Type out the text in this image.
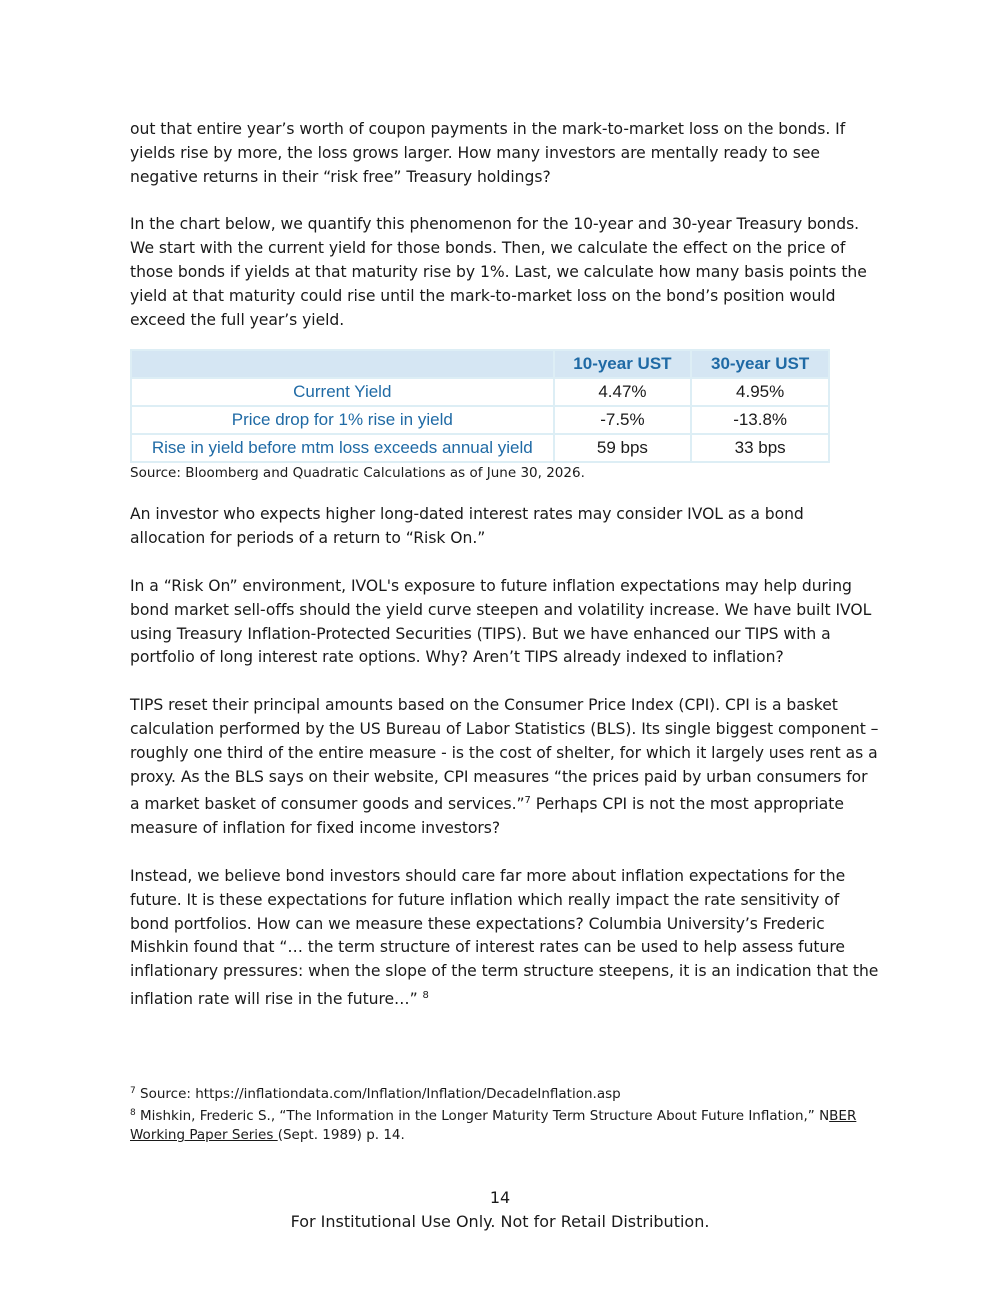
out that entire year’s worth of coupon payments in the mark-to-market loss on the bonds. If yields rise by more, the loss grows larger. How many investors are mentally ready to see negative returns in their “risk free” Treasury holdings?

In the chart below, we quantify this phenomenon for the 10-year and 30-year Treasury bonds. We start with the current yield for those bonds. Then, we calculate the effect on the price of those bonds if yields at that maturity rise by 1%. Last, we calculate how many basis points the yield at that maturity could rise until the mark-to-market loss on the bond’s position would exceed the full year’s yield.

	10-year UST	30-year UST
Current Yield	4.47%	4.95%
Price drop for 1% rise in yield	-7.5%	-13.8%
Rise in yield before mtm loss exceeds annual yield	59 bps	33 bps
Source: Bloomberg and Quadratic Calculations as of June 30, 2026.

An investor who expects higher long-dated interest rates may consider IVOL as a bond allocation for periods of a return to “Risk On.”

In a “Risk On” environment, IVOL's exposure to future inflation expectations may help during bond market sell-offs should the yield curve steepen and volatility increase. We have built IVOL using Treasury Inflation-Protected Securities (TIPS). But we have enhanced our TIPS with a portfolio of long interest rate options. Why? Aren’t TIPS already indexed to inflation?

TIPS reset their principal amounts based on the Consumer Price Index (CPI). CPI is a basket calculation performed by the US Bureau of Labor Statistics (BLS). Its single biggest component – roughly one third of the entire measure - is the cost of shelter, for which it largely uses rent as a proxy. As the BLS says on their website, CPI measures “the prices paid by urban consumers for a market basket of consumer goods and services.”$^7$ Perhaps CPI is not the most appropriate measure of inflation for fixed income investors?

Instead, we believe bond investors should care far more about inflation expectations for the future. It is these expectations for future inflation which really impact the rate sensitivity of bond portfolios. How can we measure these expectations? Columbia University’s Frederic Mishkin found that “… the term structure of interest rates can be used to help assess future inflationary pressures: when the slope of the term structure steepens, it is an indication that the inflation rate will rise in the future…” $^8$

$^7$ Source: https://inflationdata.com/Inflation/Inflation/DecadeInflation.asp
$^8$ Mishkin, Frederic S., “The Information in the Longer Maturity Term Structure About Future Inflation,” NBER Working Paper Series (Sept. 1989) p. 14.
14
For Institutional Use Only. Not for Retail Distribution.
